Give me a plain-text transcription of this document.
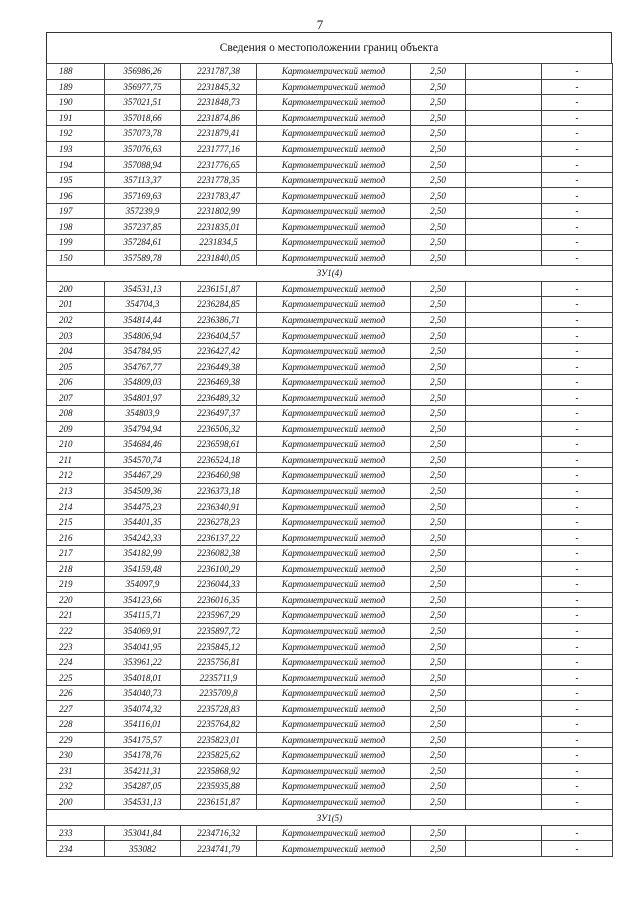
7
Сведения о местоположении границ объекта
188	356986,26	2231787,38	Картометрический метод	2,50		-
189	356977,75	2231845,32	Картометрический метод	2,50		-
190	357021,51	2231848,73	Картометрический метод	2,50		-
191	357018,66	2231874,86	Картометрический метод	2,50		-
192	357073,78	2231879,41	Картометрический метод	2,50		-
193	357076,63	2231777,16	Картометрический метод	2,50		-
194	357088,94	2231776,65	Картометрический метод	2,50		-
195	357113,37	2231778,35	Картометрический метод	2,50		-
196	357169,63	2231783,47	Картометрический метод	2,50		-
197	357239,9	2231802,99	Картометрический метод	2,50		-
198	357237,85	2231835,01	Картометрический метод	2,50		-
199	357284,61	2231834,5	Картометрический метод	2,50		-
150	357589,78	2231840,05	Картометрический метод	2,50		-
ЗУ1(4)						
200	354531,13	2236151,87	Картометрический метод	2,50		-
201	354704,3	2236284,85	Картометрический метод	2,50		-
202	354814,44	2236386,71	Картометрический метод	2,50		-
203	354806,94	2236404,57	Картометрический метод	2,50		-
204	354784,95	2236427,42	Картометрический метод	2,50		-
205	354767,77	2236449,38	Картометрический метод	2,50		-
206	354809,03	2236469,38	Картометрический метод	2,50		-
207	354801,97	2236489,32	Картометрический метод	2,50		-
208	354803,9	2236497,37	Картометрический метод	2,50		-
209	354794,94	2236506,32	Картометрический метод	2,50		-
210	354684,46	2236598,61	Картометрический метод	2,50		-
211	354570,74	2236524,18	Картометрический метод	2,50		-
212	354467,29	2236460,98	Картометрический метод	2,50		-
213	354509,36	2236373,18	Картометрический метод	2,50		-
214	354475,23	2236340,91	Картометрический метод	2,50		-
215	354401,35	2236278,23	Картометрический метод	2,50		-
216	354242,33	2236137,22	Картометрический метод	2,50		-
217	354182,99	2236082,38	Картометрический метод	2,50		-
218	354159,48	2236100,29	Картометрический метод	2,50		-
219	354097,9	2236044,33	Картометрический метод	2,50		-
220	354123,66	2236016,35	Картометрический метод	2,50		-
221	354115,71	2235967,29	Картометрический метод	2,50		-
222	354069,91	2235897,72	Картометрический метод	2,50		-
223	354041,95	2235845,12	Картометрический метод	2,50		-
224	353961,22	2235756,81	Картометрический метод	2,50		-
225	354018,01	2235711,9	Картометрический метод	2,50		-
226	354040,73	2235709,8	Картометрический метод	2,50		-
227	354074,32	2235728,83	Картометрический метод	2,50		-
228	354116,01	2235764,82	Картометрический метод	2,50		-
229	354175,57	2235823,01	Картометрический метод	2,50		-
230	354178,76	2235825,62	Картометрический метод	2,50		-
231	354211,31	2235868,92	Картометрический метод	2,50		-
232	354287,05	2235935,88	Картометрический метод	2,50		-
200	354531,13	2236151,87	Картометрический метод	2,50		-
ЗУ1(5)						
233	353041,84	2234716,32	Картометрический метод	2,50		-
234	353082	2234741,79	Картометрический метод	2,50		-
